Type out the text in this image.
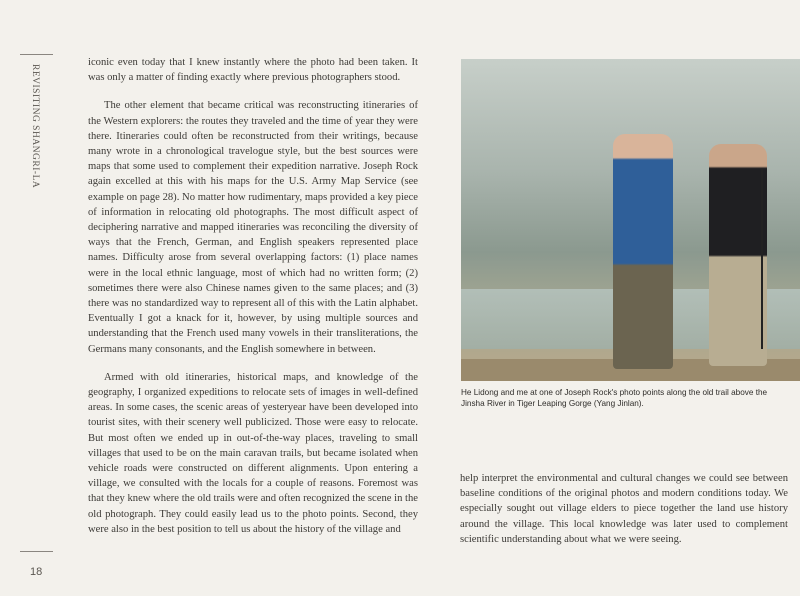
REVISITING SHANGRI-LA
18

iconic even today that I knew instantly where the photo had been taken. It was only a matter of finding exactly where previous photographers stood.

The other element that became critical was reconstructing itineraries of the Western explorers: the routes they traveled and the time of year they were there. Itineraries could often be reconstructed from their writings, because many wrote in a chronological travelogue style, but the best sources were maps that some used to complement their expedition narrative. Joseph Rock again excelled at this with his maps for the U.S. Army Map Service (see example on page 28). No matter how rudimentary, maps provided a key piece of information in relocating old photographs. The most difficult aspect of deciphering narrative and mapped itineraries was reconciling the diversity of ways that the French, German, and English speakers represented place names. Difficulty arose from several overlapping factors: (1) place names were in the local ethnic language, most of which had no written form; (2) sometimes there were also Chinese names given to the same places; and (3) there was no standardized way to represent all of this with the Latin alphabet. Eventually I got a knack for it, however, by using multiple sources and understanding that the French used many vowels in their transliterations, the Germans many consonants, and the English somewhere in between.

Armed with old itineraries, historical maps, and knowledge of the geography, I organized expeditions to relocate sets of images in well-defined areas. In some cases, the scenic areas of yesteryear have been developed into tourist sites, with their scenery well publicized. Those were easy to relocate. But most often we ended up in out-of-the-way places, traveling to small villages that used to be on the main caravan trails, but became isolated when vehicle roads were constructed on different alignments. Upon entering a village, we consulted with the locals for a couple of reasons. Foremost was that they knew where the old trails were and often recognized the scene in the old photograph. They could easily lead us to the photo points. Second, they were also in the best position to tell us about the history of the village and

He Lidong and me at one of Joseph Rock's photo points along the old trail above the Jinsha River in Tiger Leaping Gorge (Yang Jinlan).

help interpret the environmental and cultural changes we could see between baseline conditions of the original photos and modern conditions today. We especially sought out village elders to piece together the land use history around the village. This local knowledge was later used to complement scientific understanding about what we were seeing.
